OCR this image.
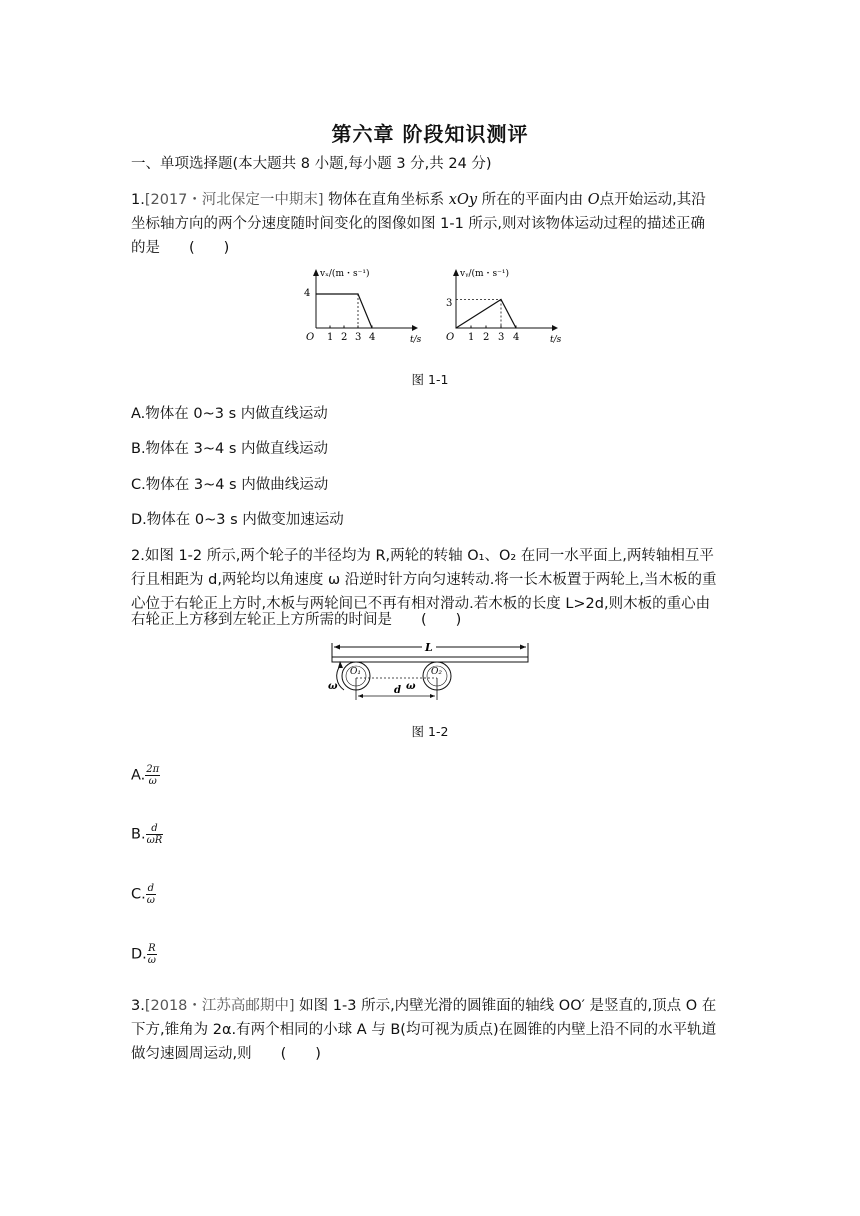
第六章 阶段知识测评
一、单项选择题(本大题共 8 小题,每小题 3 分,共 24 分)
1.[2017・河北保定一中期末] 物体在直角坐标系 xOy 所在的平面内由 O点开始运动,其沿
坐标轴方向的两个分速度随时间变化的图像如图 1-1 所示,则对该物体运动过程的描述正确
的是　　(　　)
vₓ/(m・s⁻¹)
4
O	t/s
1 2 3 4
vᵧ/(m・s⁻¹)
3
O	t/s
1 2 3 4
图 1-1
A.物体在 0~3 s 内做直线运动
B.物体在 3~4 s 内做直线运动
C.物体在 3~4 s 内做曲线运动
D.物体在 0~3 s 内做变加速运动
2.如图 1-2 所示,两个轮子的半径均为 R,两轮的转轴 O₁、O₂ 在同一水平面上,两转轴相互平
行且相距为 d,两轮均以角速度 ω 沿逆时针方向匀速转动.将一长木板置于两轮上,当木板的重
心位于右轮正上方时,木板与两轮间已不再有相对滑动.若木板的长度 L>2d,则木板的重心由
右轮正上方移到左轮正上方所需的时间是　　(　　)
L
O₁	O₂
ω	ω
d
图 1-2
A. $\frac{2\pi}{\omega}$
B. $\frac{d}{\omega R}$
C. $\frac{d}{\omega}$
D. $\frac{R}{\omega}$
3.[2018・江苏高邮期中] 如图 1-3 所示,内壁光滑的圆锥面的轴线 OO′ 是竖直的,顶点 O 在
下方,锥角为 2α.有两个相同的小球 A 与 B(均可视为质点)在圆锥的内壁上沿不同的水平轨道
做匀速圆周运动,则　　(　　)
